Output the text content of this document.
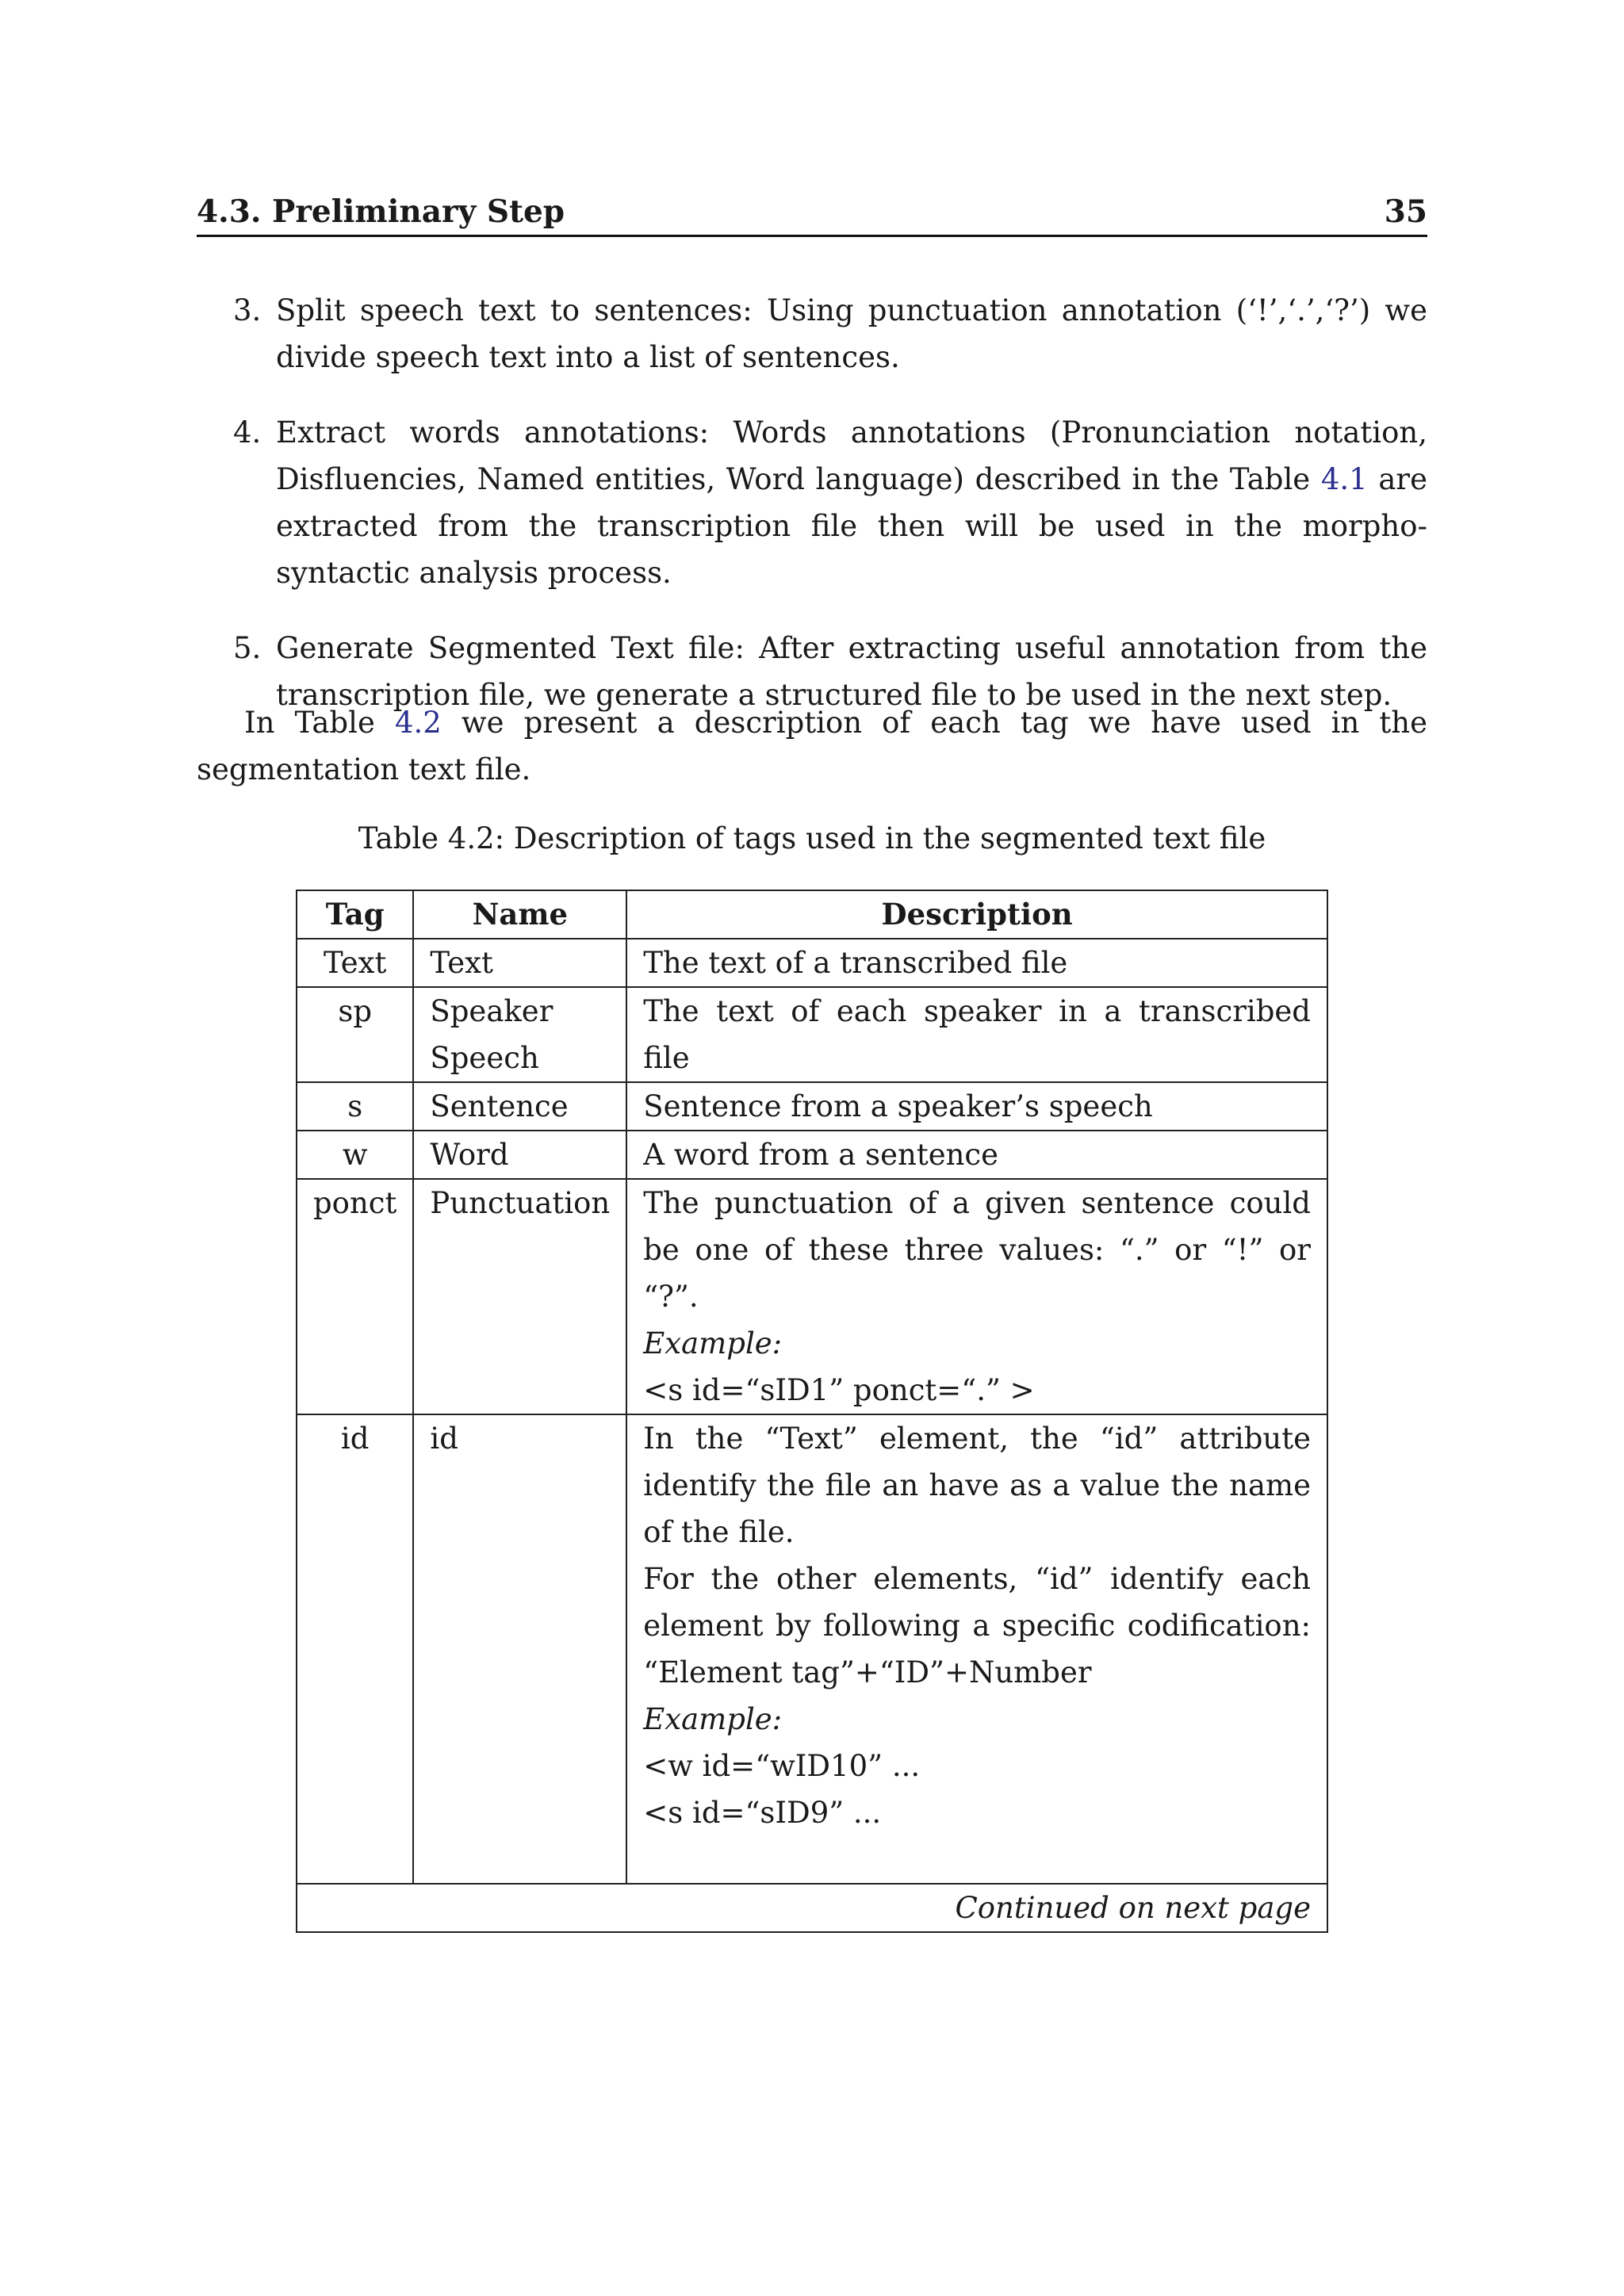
4.3. Preliminary Step	35
3. Split speech text to sentences: Using punctuation annotation (‘!’,‘.’,‘?’) we divide speech text into a list of sentences.
4. Extract words annotations: Words annotations (Pronunciation notation, Disfluencies, Named entities, Word language) described in the Table 4.1 are extracted from the transcription file then will be used in the morpho-syntactic analysis process.
5. Generate Segmented Text file: After extracting useful annotation from the transcription file, we generate a structured file to be used in the next step.
In Table 4.2 we present a description of each tag we have used in the segmentation text file.
Table 4.2: Description of tags used in the segmented text file
Tag	Name	Description
Text	Text	The text of a transcribed file

sp	Speaker Speech	The text of each speaker in a transcribed file

s	Sentence	Sentence from a speaker’s speech

w	Word	A word from a sentence

ponct	Punctuation	The punctuation of a given sentence could be one of these three values: “.” or “!” or “?”.
Example:
<s id=“sID1” ponct=“.” >

id	id	In the “Text” element, the “id” attribute identify the file an have as a value the name of the file.
For the other elements, “id” identify each element by following a specific codification: “Element tag”+“ID”+Number
Example:
<w id=“wID10” ...
<s id=“sID9” ...

Continued on next page		
